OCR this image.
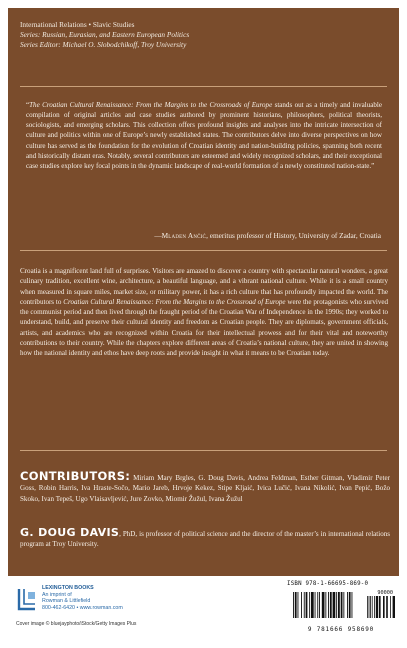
International Relations • Slavic Studies
Series: Russian, Eurasian, and Eastern European Politics
Series Editor: Michael O. Slobodchikoff, Troy University
“The Croatian Cultural Renaissance: From the Margins to the Crossroads of Europe stands out as a timely and invaluable compilation of original articles and case studies authored by prominent historians, philosophers, political theorists, sociologists, and emerging scholars. This collection offers profound insights and analyses into the intricate intersection of culture and politics within one of Europe’s newly established states. The contributors delve into diverse perspectives on how culture has served as the foundation for the evolution of Croatian identity and nation-building policies, spanning both recent and historically distant eras. Notably, several contributors are esteemed and widely recognized scholars, and their exceptional case studies explore key focal points in the dynamic landscape of real-world formation of a newly constituted nation-state.”
—Mladen Ančić, emeritus professor of History, University of Zadar, Croatia
Croatia is a magnificent land full of surprises. Visitors are amazed to discover a country with spectacular natural wonders, a great culinary tradition, excellent wine, architecture, a beautiful language, and a vibrant national culture. While it is a small country when measured in square miles, market size, or military power, it has a rich culture that has profoundly impacted the world. The contributors to Croatian Cultural Renaissance: From the Margins to the Crossroad of Europe were the protagonists who survived the communist period and then lived through the fraught period of the Croatian War of Independence in the 1990s; they worked to understand, build, and preserve their cultural identity and freedom as Croatian people. They are diplomats, government officials, artists, and academics who are recognized within Croatia for their intellectual prowess and for their vital and noteworthy contributions to their country. While the chapters explore different areas of Croatia’s national culture, they are united in showing how the national identity and ethos have deep roots and provide insight in what it means to be Croatian today.
CONTRIBUTORS: Miriam Mary Brgles, G. Doug Davis, Andrea Feldman, Esther Gitman, Vladimir Peter Goss, Robin Harris, Iva Hraste-Sočo, Mario Jareb, Hrvoje Kekez, Stipe Kljaić, Ivica Lučić, Ivana Nikolić, Ivan Pepić, Božo Skoko, Ivan Tepeš, Ugo Vlaisavljević, Jure Zovko, Miomir Žužul, Ivana Žužul
G. DOUG DAVIS, PhD, is professor of political science and the director of the master’s in international relations program at Troy University.
LEXINGTON BOOKS
An imprint of
Rowman & Littlefield
800-462-6420 • www.rowman.com
Cover image © bluejayphoto/iStock/Getty Images Plus
ISBN 978-1-66695-869-0
90000
9 781666 958690
